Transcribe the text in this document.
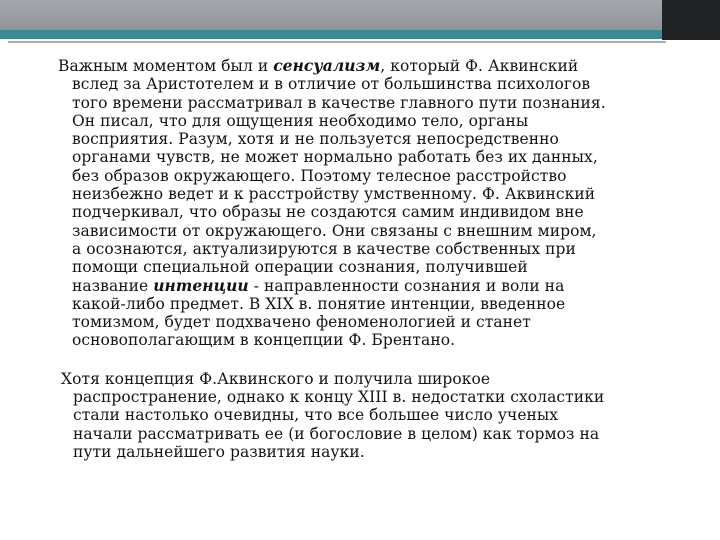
Важным моментом был и сенсуализм, который Ф. Аквинский
вслед за Аристотелем и в отличие от большинства психологов
того времени рассматривал в качестве главного пути познания.
Он писал, что для ощущения необходимо тело, органы
восприятия. Разум, хотя и не пользуется непосредственно
органами чувств, не может нормально работать без их данных,
без образов окружающего. Поэтому телесное расстройство
неизбежно ведет и к расстройству умственному. Ф. Аквинский
подчеркивал, что образы не создаются самим индивидом вне
зависимости от окружающего. Они связаны с внешним миром,
а осознаются, актуализируются в качестве собственных при
помощи специальной операции сознания, получившей
название интенции - направленности сознания и воли на
какой-либо предмет. В XIX в. понятие интенции, введенное
томизмом, будет подхвачено феноменологией и станет
основополагающим в концепции Ф. Брентано.

Хотя концепция Ф.Аквинского и получила широкое
распространение, однако к концу XIII в. недостатки схоластики
стали настолько очевидны, что все большее число ученых
начали рассматривать ее (и богословие в целом) как тормоз на
пути дальнейшего развития науки.
